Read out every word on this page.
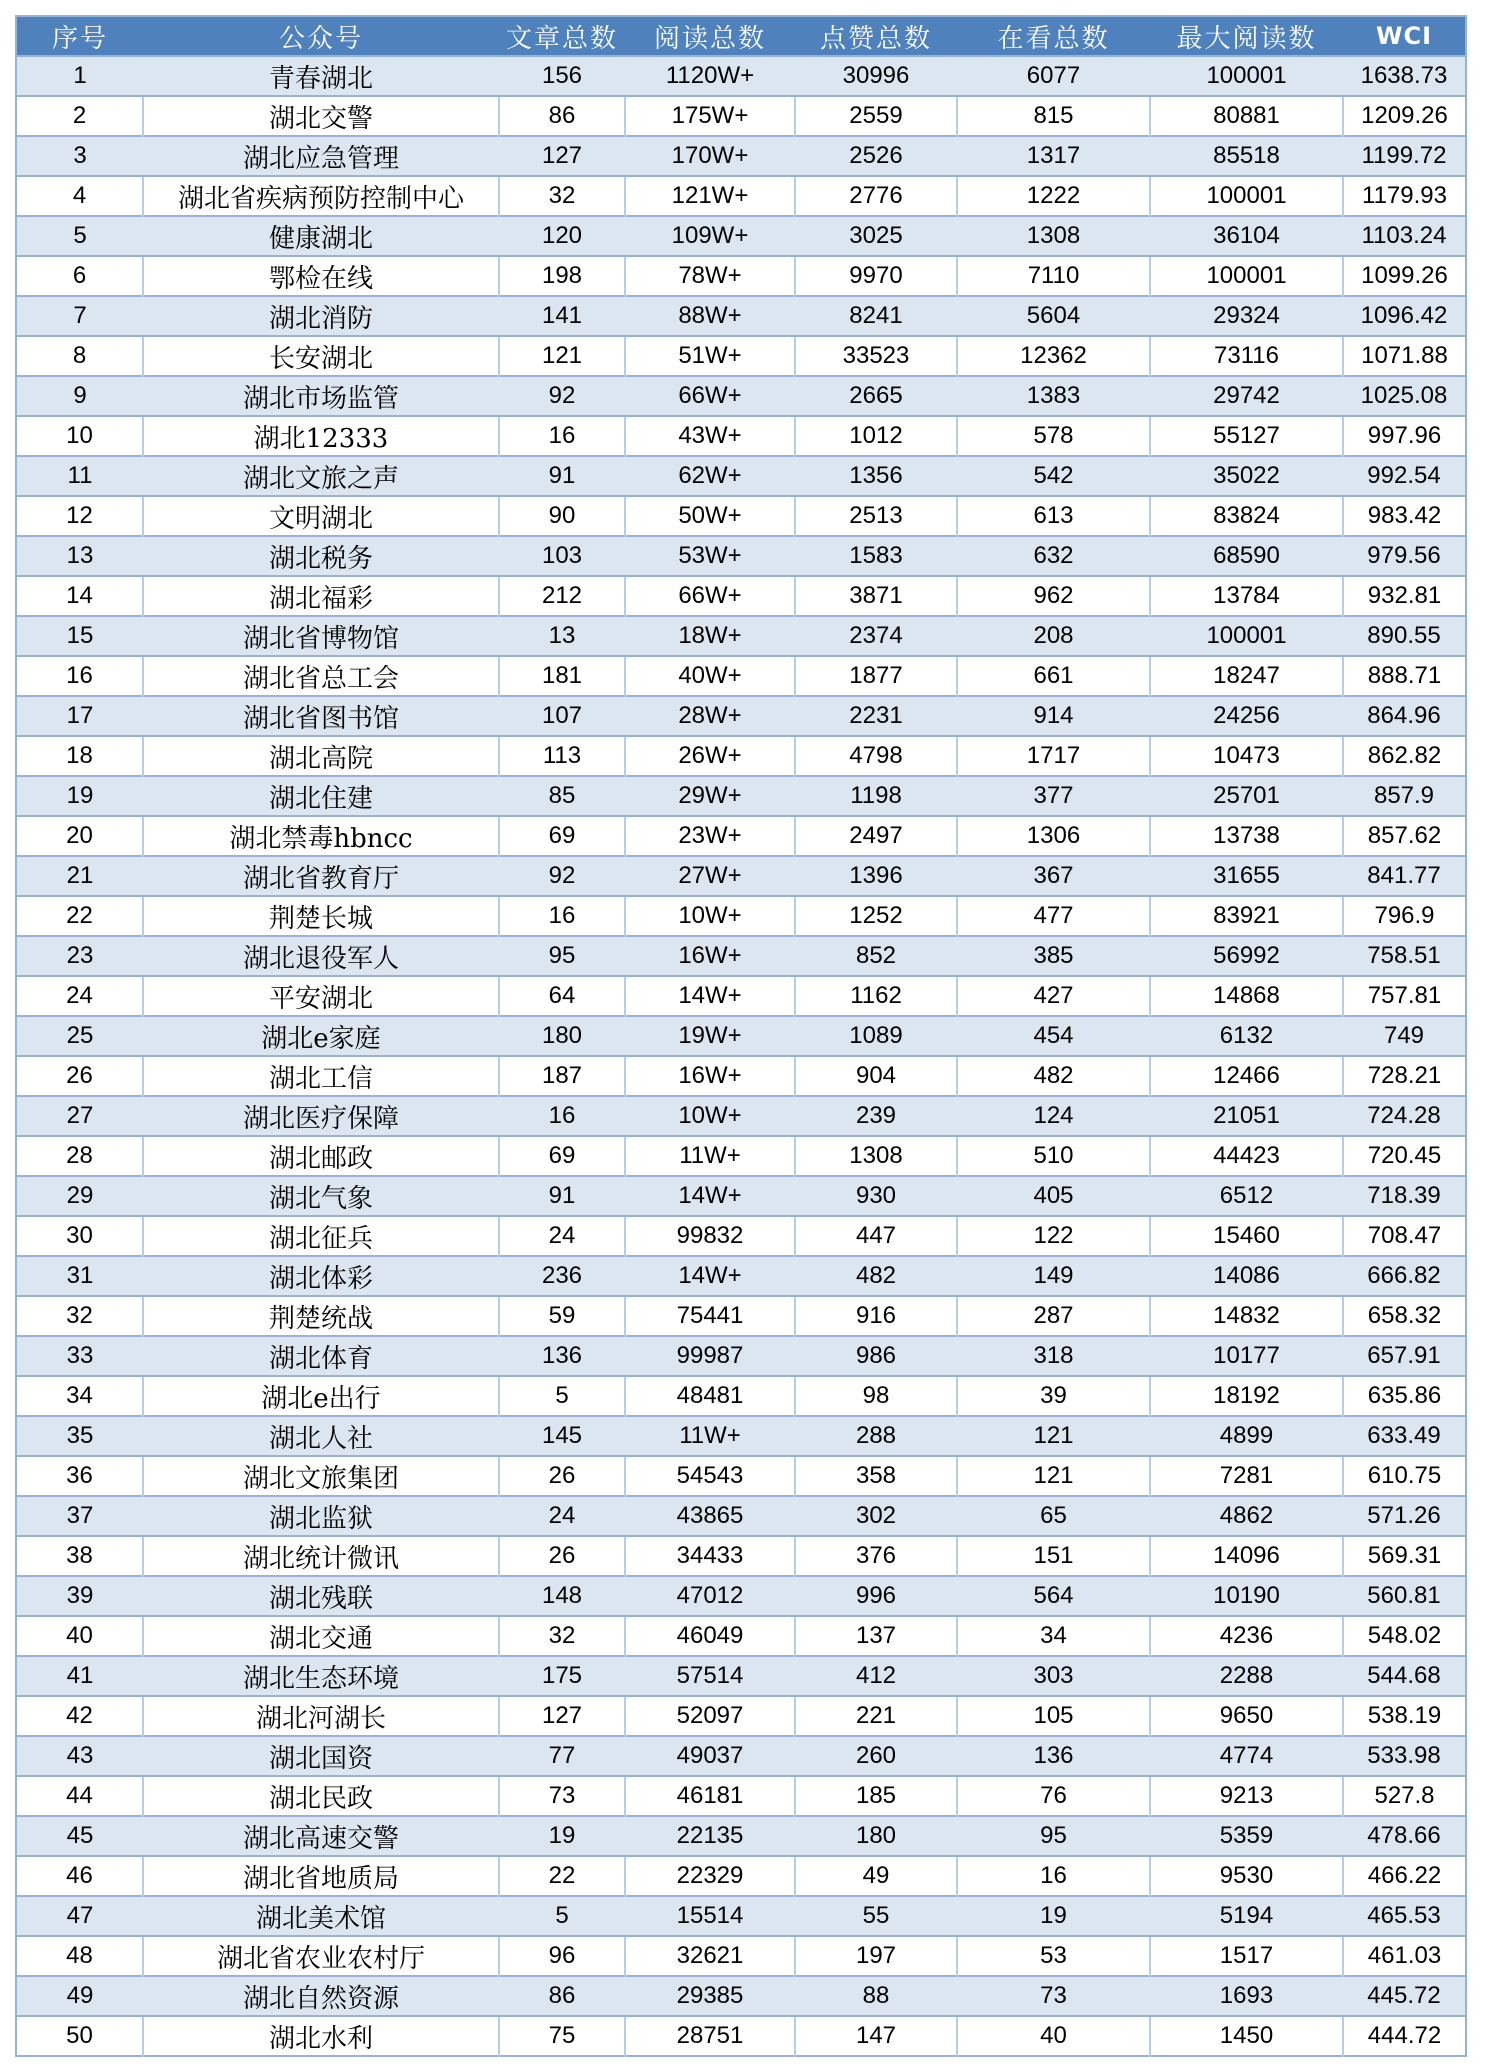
序号	公众号	文章总数	阅读总数	点赞总数	在看总数	最大阅读数	WCI
1	青春湖北	156	1120W+	30996	6077	100001	1638.73
2	湖北交警	86	175W+	2559	815	80881	1209.26
3	湖北应急管理	127	170W+	2526	1317	85518	1199.72
4	湖北省疾病预防控制中心	32	121W+	2776	1222	100001	1179.93
5	健康湖北	120	109W+	3025	1308	36104	1103.24
6	鄂检在线	198	78W+	9970	7110	100001	1099.26
7	湖北消防	141	88W+	8241	5604	29324	1096.42
8	长安湖北	121	51W+	33523	12362	73116	1071.88
9	湖北市场监管	92	66W+	2665	1383	29742	1025.08
10	湖北12333	16	43W+	1012	578	55127	997.96
11	湖北文旅之声	91	62W+	1356	542	35022	992.54
12	文明湖北	90	50W+	2513	613	83824	983.42
13	湖北税务	103	53W+	1583	632	68590	979.56
14	湖北福彩	212	66W+	3871	962	13784	932.81
15	湖北省博物馆	13	18W+	2374	208	100001	890.55
16	湖北省总工会	181	40W+	1877	661	18247	888.71
17	湖北省图书馆	107	28W+	2231	914	24256	864.96
18	湖北高院	113	26W+	4798	1717	10473	862.82
19	湖北住建	85	29W+	1198	377	25701	857.9
20	湖北禁毒hbncc	69	23W+	2497	1306	13738	857.62
21	湖北省教育厅	92	27W+	1396	367	31655	841.77
22	荆楚长城	16	10W+	1252	477	83921	796.9
23	湖北退役军人	95	16W+	852	385	56992	758.51
24	平安湖北	64	14W+	1162	427	14868	757.81
25	湖北e家庭	180	19W+	1089	454	6132	749
26	湖北工信	187	16W+	904	482	12466	728.21
27	湖北医疗保障	16	10W+	239	124	21051	724.28
28	湖北邮政	69	11W+	1308	510	44423	720.45
29	湖北气象	91	14W+	930	405	6512	718.39
30	湖北征兵	24	99832	447	122	15460	708.47
31	湖北体彩	236	14W+	482	149	14086	666.82
32	荆楚统战	59	75441	916	287	14832	658.32
33	湖北体育	136	99987	986	318	10177	657.91
34	湖北e出行	5	48481	98	39	18192	635.86
35	湖北人社	145	11W+	288	121	4899	633.49
36	湖北文旅集团	26	54543	358	121	7281	610.75
37	湖北监狱	24	43865	302	65	4862	571.26
38	湖北统计微讯	26	34433	376	151	14096	569.31
39	湖北残联	148	47012	996	564	10190	560.81
40	湖北交通	32	46049	137	34	4236	548.02
41	湖北生态环境	175	57514	412	303	2288	544.68
42	湖北河湖长	127	52097	221	105	9650	538.19
43	湖北国资	77	49037	260	136	4774	533.98
44	湖北民政	73	46181	185	76	9213	527.8
45	湖北高速交警	19	22135	180	95	5359	478.66
46	湖北省地质局	22	22329	49	16	9530	466.22
47	湖北美术馆	5	15514	55	19	5194	465.53
48	湖北省农业农村厅	96	32621	197	53	1517	461.03
49	湖北自然资源	86	29385	88	73	1693	445.72
50	湖北水利	75	28751	147	40	1450	444.72
